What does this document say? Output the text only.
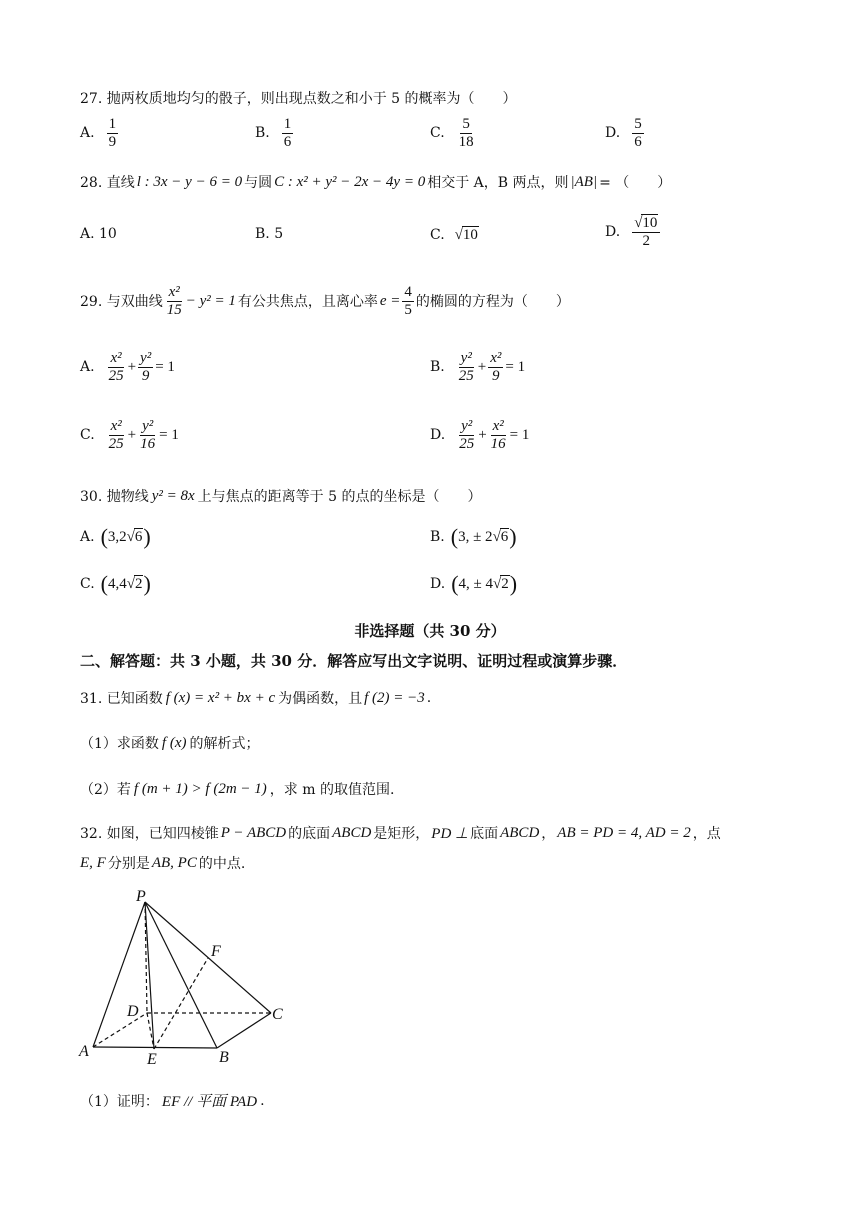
27. 抛两枚质地均匀的骰子，则出现点数之和小于 5 的概率为（　　）
A. $\frac{1}{9}$	B. $\frac{1}{6}$	C. $\frac{5}{18}$	D. $\frac{5}{6}$
28. 直线 l : 3x − y − 6 = 0 与圆 C : x² + y² − 2x − 4y = 0 相交于 A，B 两点，则 |AB| = （　　）
A. 10	B. 5	C. √10	D. $\frac{√10}{2}$
29. 与双曲线 $\frac{\text{x²}}{15} - y^2 = 1$ 有公共焦点，且离心率 $e = \frac{4}{5}$ 的椭圆的方程为（　　）
A. $\frac{\text{x²}}{25} + \frac{\text{y²}}{9} = 1$	B. $\frac{\text{y²}}{25} + \frac{\text{x²}}{9} = 1$
C. $\frac{\text{x²}}{25} + \frac{\text{y²}}{16} = 1$	D. $\frac{\text{y²}}{25} + \frac{\text{x²}}{16} = 1$
30. 抛物线 y² = 8x 上与焦点的距离等于 5 的点的坐标是（　　）
A. ( 3,2 √6 )	B. ( 3, ± 2 √6 )
C. ( 4,4 √2 )	D. ( 4, ± 4 √2 )
非选择题（共 30 分）
二、解答题：共 3 小题，共 30 分．解答应写出文字说明、证明过程或演算步骤．
31. 已知函数 f (x) = x² + bx + c 为偶函数，且 f (2) = −3 .
（1）求函数 f (x) 的解析式；
（2）若 f (m + 1) > f (2m − 1) ，求 m 的取值范围.
32. 如图，已知四棱锥 P − ABCD 的底面 ABCD 是矩形， PD ⊥ 底面 ABCD ， AB = PD = 4, AD = 2 ，点
E, F 分别是 AB, PC 的中点.
P
A	B
C
D
E
F
（1）证明： EF // 平面 PAD .
